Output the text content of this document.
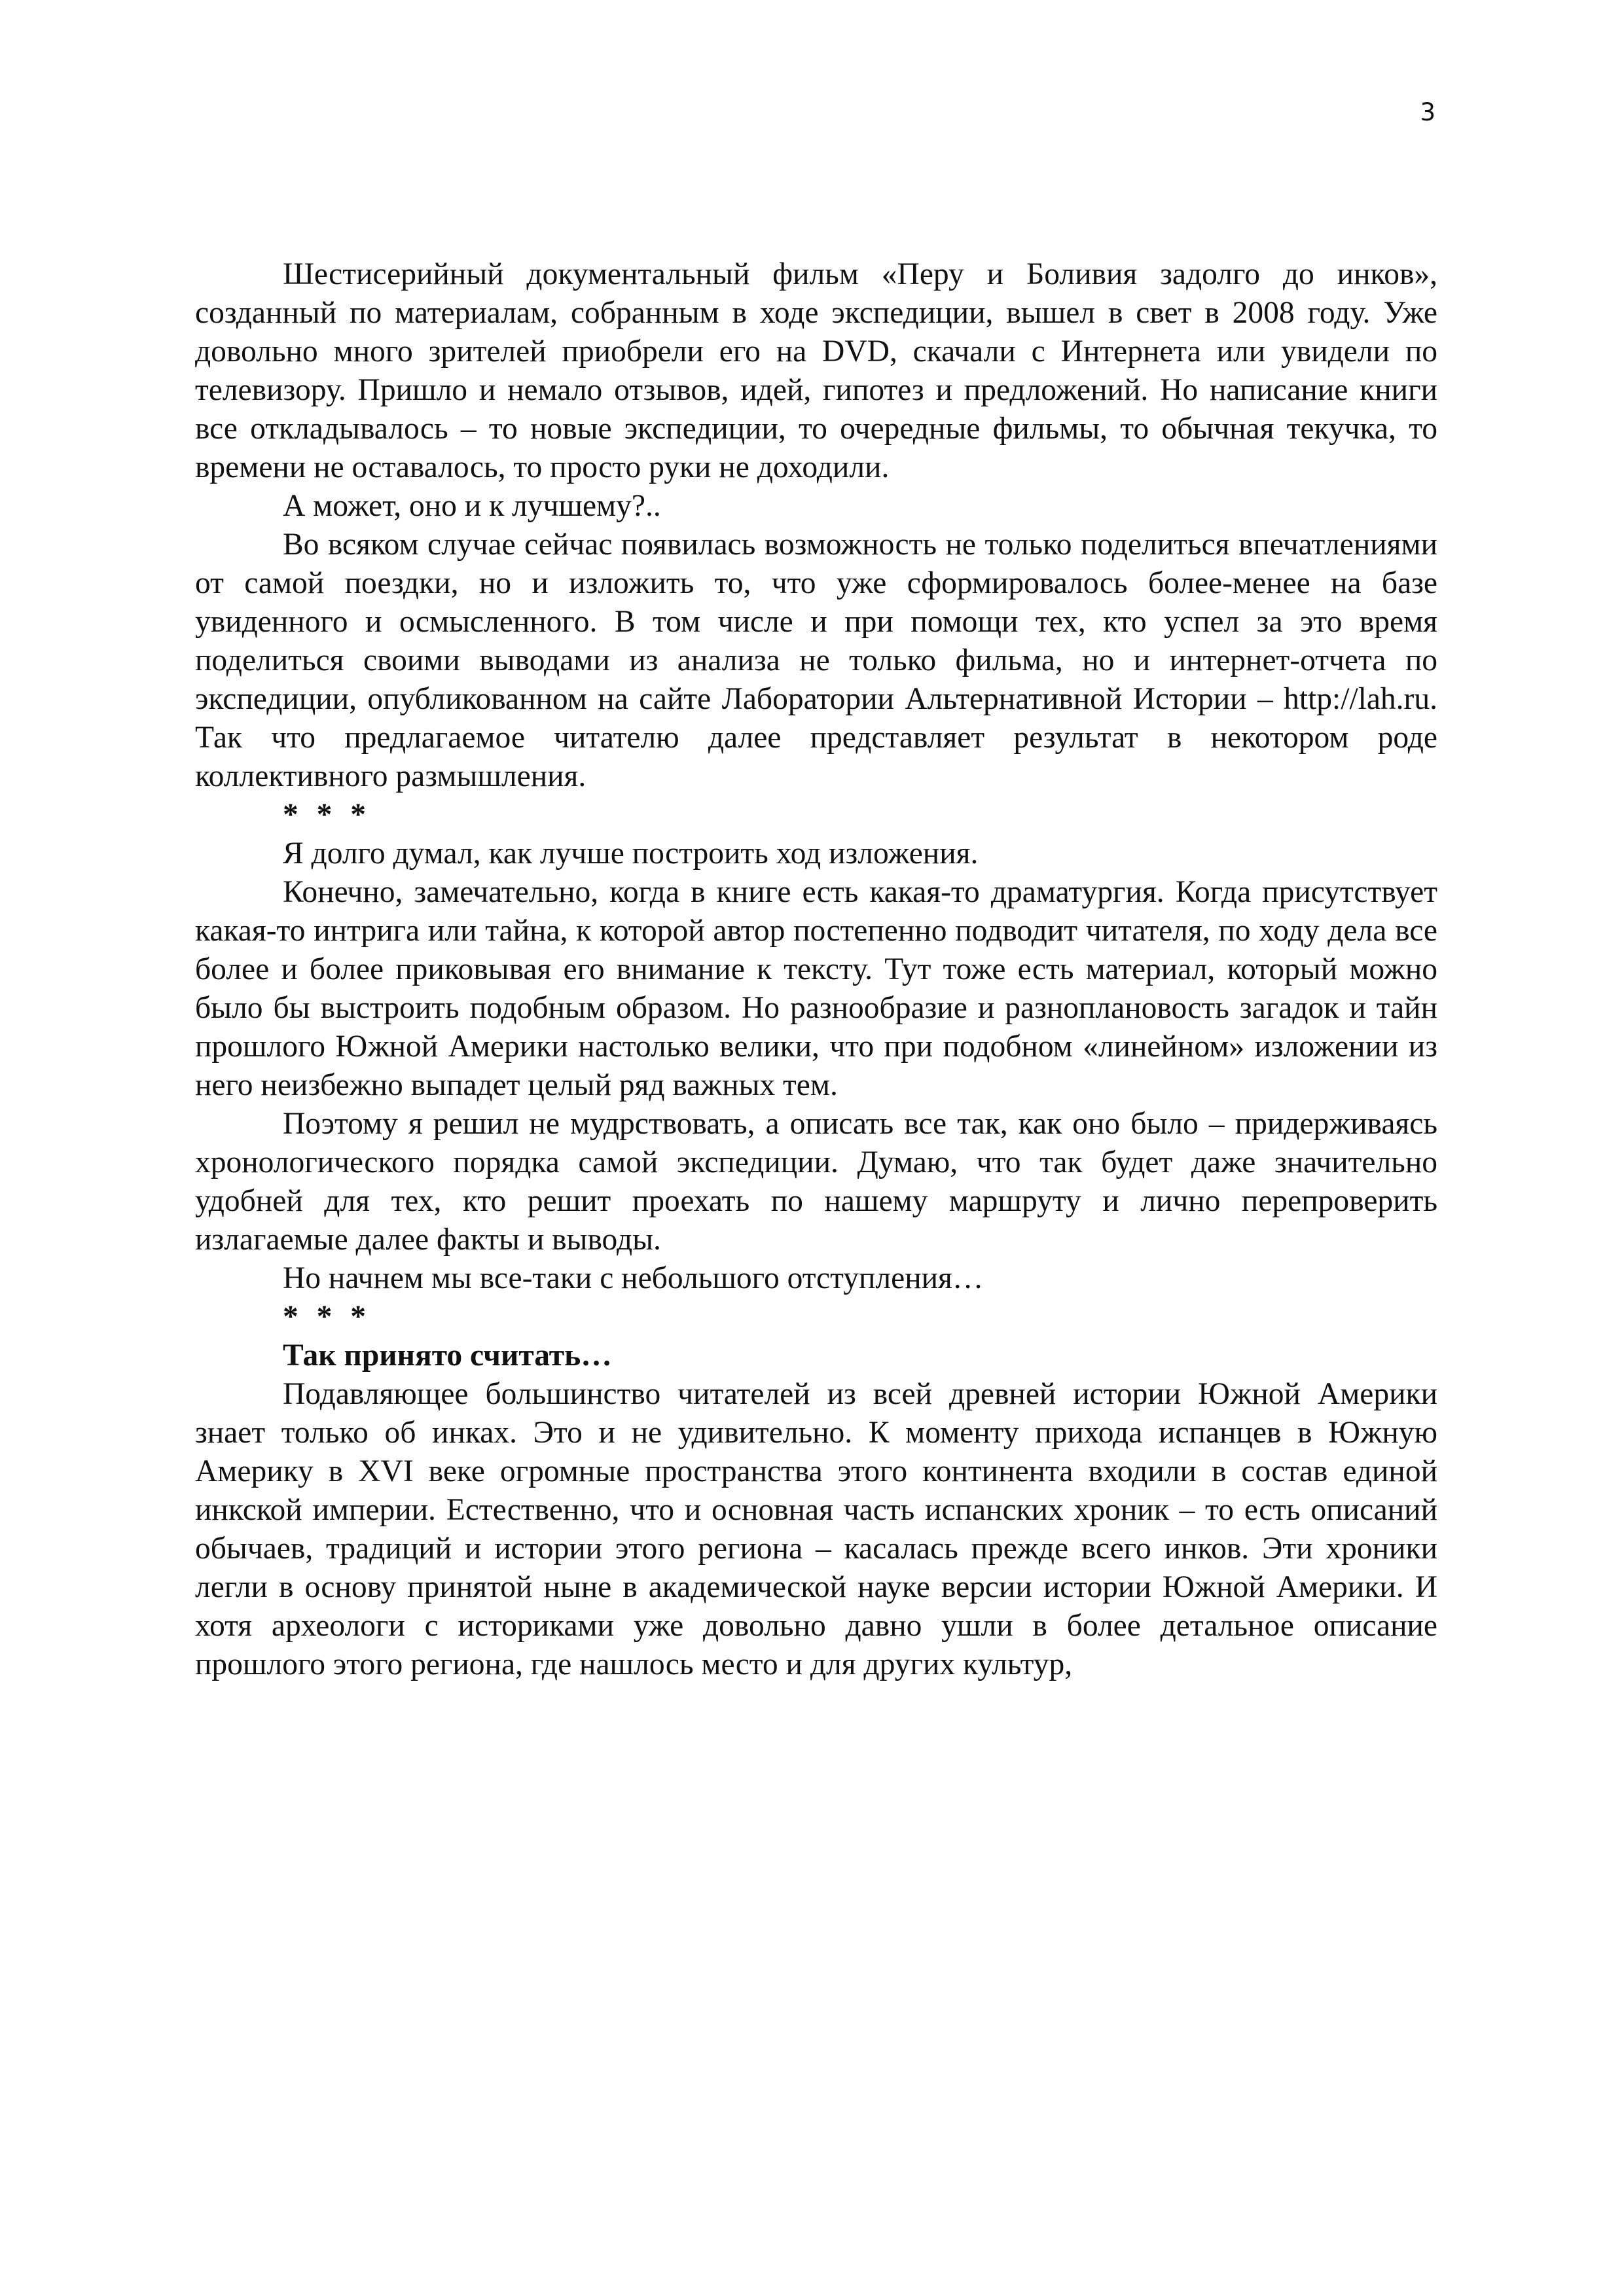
3

Шестисерийный документальный фильм «Перу и Боливия задолго до инков», созданный по материалам, собранным в ходе экспедиции, вышел в свет в 2008 году. Уже довольно много зрителей приобрели его на DVD, скачали с Интернета или увидели по телевизору. Пришло и немало отзывов, идей, гипотез и предложений. Но написание книги все откладывалось – то новые экспедиции, то очередные фильмы, то обычная текучка, то времени не оставалось, то просто руки не доходили.

А может, оно и к лучшему?..

Во всяком случае сейчас появилась возможность не только поделиться впечатлениями от самой поездки, но и изложить то, что уже сформировалось более-менее на базе увиденного и осмысленного. В том числе и при помощи тех, кто успел за это время поделиться своими выводами из анализа не только фильма, но и интернет-отчета по экспедиции, опубликованном на сайте Лаборатории Альтернативной Истории – http://lah.ru. Так что предлагаемое читателю далее представляет результат в некотором роде коллективного размышления.

* * *

Я долго думал, как лучше построить ход изложения.

Конечно, замечательно, когда в книге есть какая-то драматургия. Когда присутствует какая-то интрига или тайна, к которой автор постепенно подводит читателя, по ходу дела все более и более приковывая его внимание к тексту. Тут тоже есть материал, который можно было бы выстроить подобным образом. Но разнообразие и разноплановость загадок и тайн прошлого Южной Америки настолько велики, что при подобном «линейном» изложении из него неизбежно выпадет целый ряд важных тем.

Поэтому я решил не мудрствовать, а описать все так, как оно было – придерживаясь хронологического порядка самой экспедиции. Думаю, что так будет даже значительно удобней для тех, кто решит проехать по нашему маршруту и лично перепроверить излагаемые далее факты и выводы.

Но начнем мы все-таки с небольшого отступления…

* * *

Так принято считать…

Подавляющее большинство читателей из всей древней истории Южной Америки знает только об инках. Это и не удивительно. К моменту прихода испанцев в Южную Америку в XVI веке огромные пространства этого континента входили в состав единой инкской империи. Естественно, что и основная часть испанских хроник – то есть описаний обычаев, традиций и истории этого региона – касалась прежде всего инков. Эти хроники легли в основу принятой ныне в академической науке версии истории Южной Америки. И хотя археологи с историками уже довольно давно ушли в более детальное описание прошлого этого региона, где нашлось место и для других культур,
